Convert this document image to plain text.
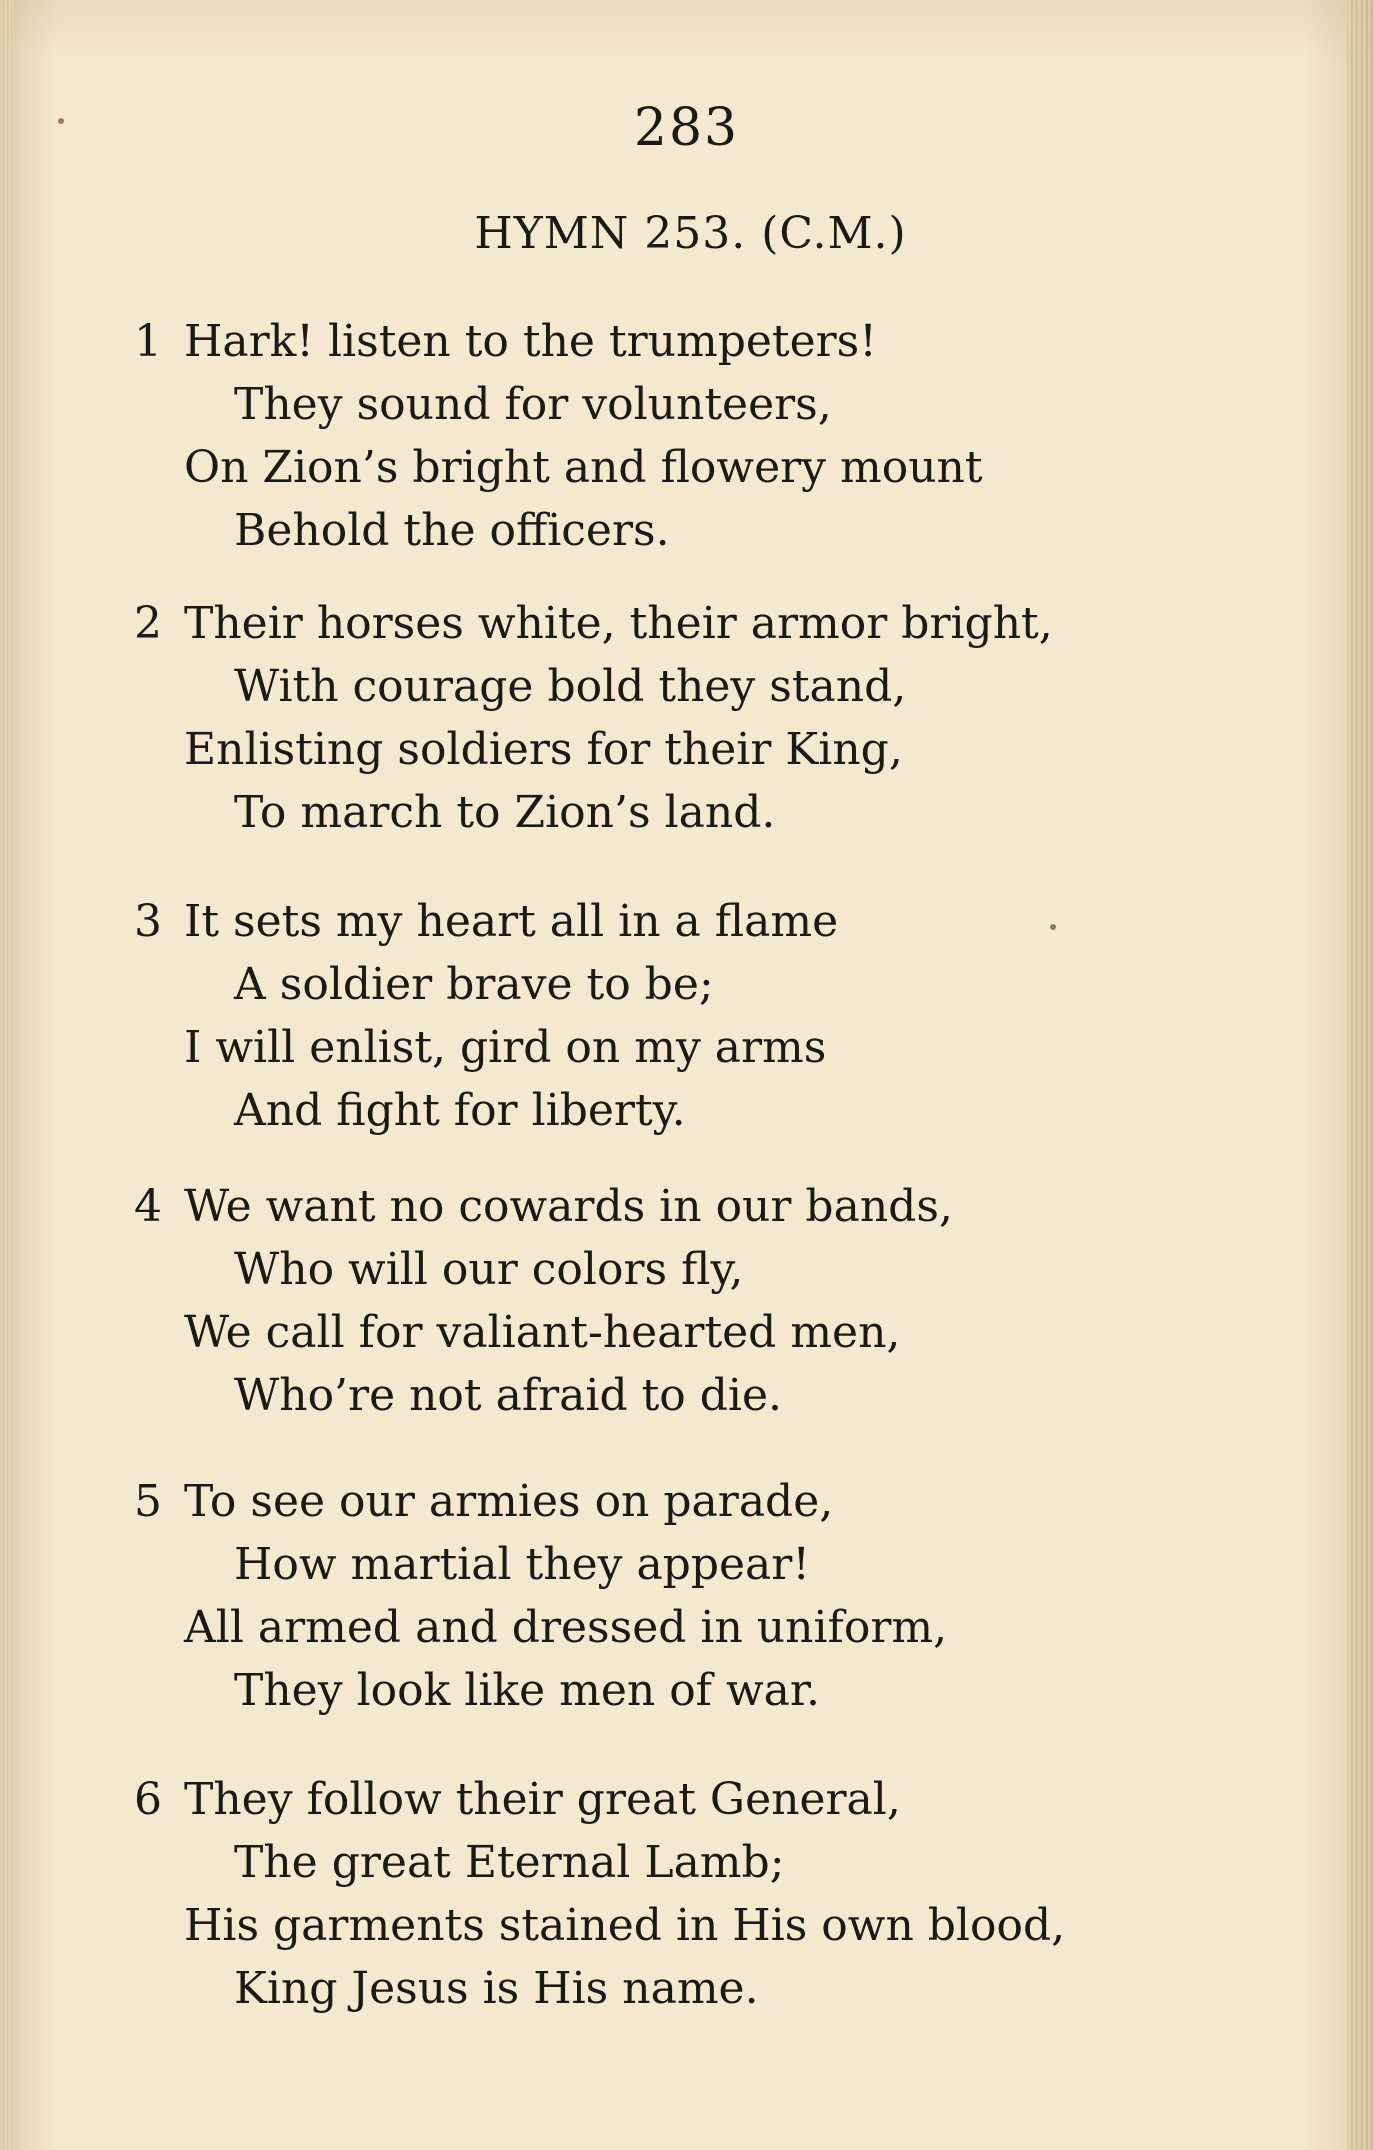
283
HYMN 253. (C.M.)
1 Hark! listen to the trumpeters!
They sound for volunteers,
On Zion’s bright and flowery mount
Behold the officers.
2 Their horses white, their armor bright,
With courage bold they stand,
Enlisting soldiers for their King,
To march to Zion’s land.
3 It sets my heart all in a flame
A soldier brave to be;
I will enlist, gird on my arms
And fight for liberty.
4 We want no cowards in our bands,
Who will our colors fly,
We call for valiant-hearted men,
Who’re not afraid to die.
5 To see our armies on parade,
How martial they appear!
All armed and dressed in uniform,
They look like men of war.
6 They follow their great General,
The great Eternal Lamb;
His garments stained in His own blood,
King Jesus is His name.
